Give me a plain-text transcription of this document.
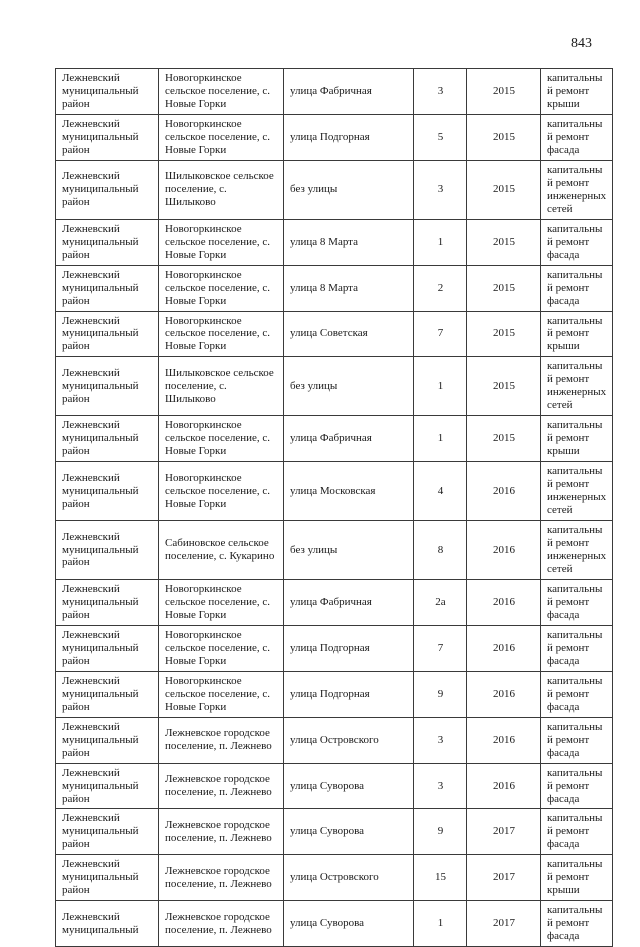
843
Лежневский муниципальный район	Новогоркинское сельское поселение, с. Новые Горки	улица Фабричная	3	2015	капитальный ремонт крыши
Лежневский муниципальный район	Новогоркинское сельское поселение, с. Новые Горки	улица Подгорная	5	2015	капитальный ремонт фасада
Лежневский муниципальный район	Шилыковское сельское поселение, с. Шилыково	без улицы	3	2015	капитальный ремонт инженерных сетей
Лежневский муниципальный район	Новогоркинское сельское поселение, с. Новые Горки	улица 8 Марта	1	2015	капитальный ремонт фасада
Лежневский муниципальный район	Новогоркинское сельское поселение, с. Новые Горки	улица 8 Марта	2	2015	капитальный ремонт фасада
Лежневский муниципальный район	Новогоркинское сельское поселение, с. Новые Горки	улица Советская	7	2015	капитальный ремонт крыши
Лежневский муниципальный район	Шилыковское сельское поселение, с. Шилыково	без улицы	1	2015	капитальный ремонт инженерных сетей
Лежневский муниципальный район	Новогоркинское сельское поселение, с. Новые Горки	улица Фабричная	1	2015	капитальный ремонт крыши
Лежневский муниципальный район	Новогоркинское сельское поселение, с. Новые Горки	улица Московская	4	2016	капитальный ремонт инженерных сетей
Лежневский муниципальный район	Сабиновское сельское поселение, с. Кукарино	без улицы	8	2016	капитальный ремонт инженерных сетей
Лежневский муниципальный район	Новогоркинское сельское поселение, с. Новые Горки	улица Фабричная	2а	2016	капитальный ремонт фасада
Лежневский муниципальный район	Новогоркинское сельское поселение, с. Новые Горки	улица Подгорная	7	2016	капитальный ремонт фасада
Лежневский муниципальный район	Новогоркинское сельское поселение, с. Новые Горки	улица Подгорная	9	2016	капитальный ремонт фасада
Лежневский муниципальный район	Лежневское городское поселение, п. Лежнево	улица Островского	3	2016	капитальный ремонт фасада
Лежневский муниципальный район	Лежневское городское поселение, п. Лежнево	улица Суворова	3	2016	капитальный ремонт фасада
Лежневский муниципальный район	Лежневское городское поселение, п. Лежнево	улица Суворова	9	2017	капитальный ремонт фасада
Лежневский муниципальный район	Лежневское городское поселение, п. Лежнево	улица Островского	15	2017	капитальный ремонт крыши
Лежневский муниципальный	Лежневское городское поселение, п. Лежнево	улица Суворова	1	2017	капитальный ремонт фасада
